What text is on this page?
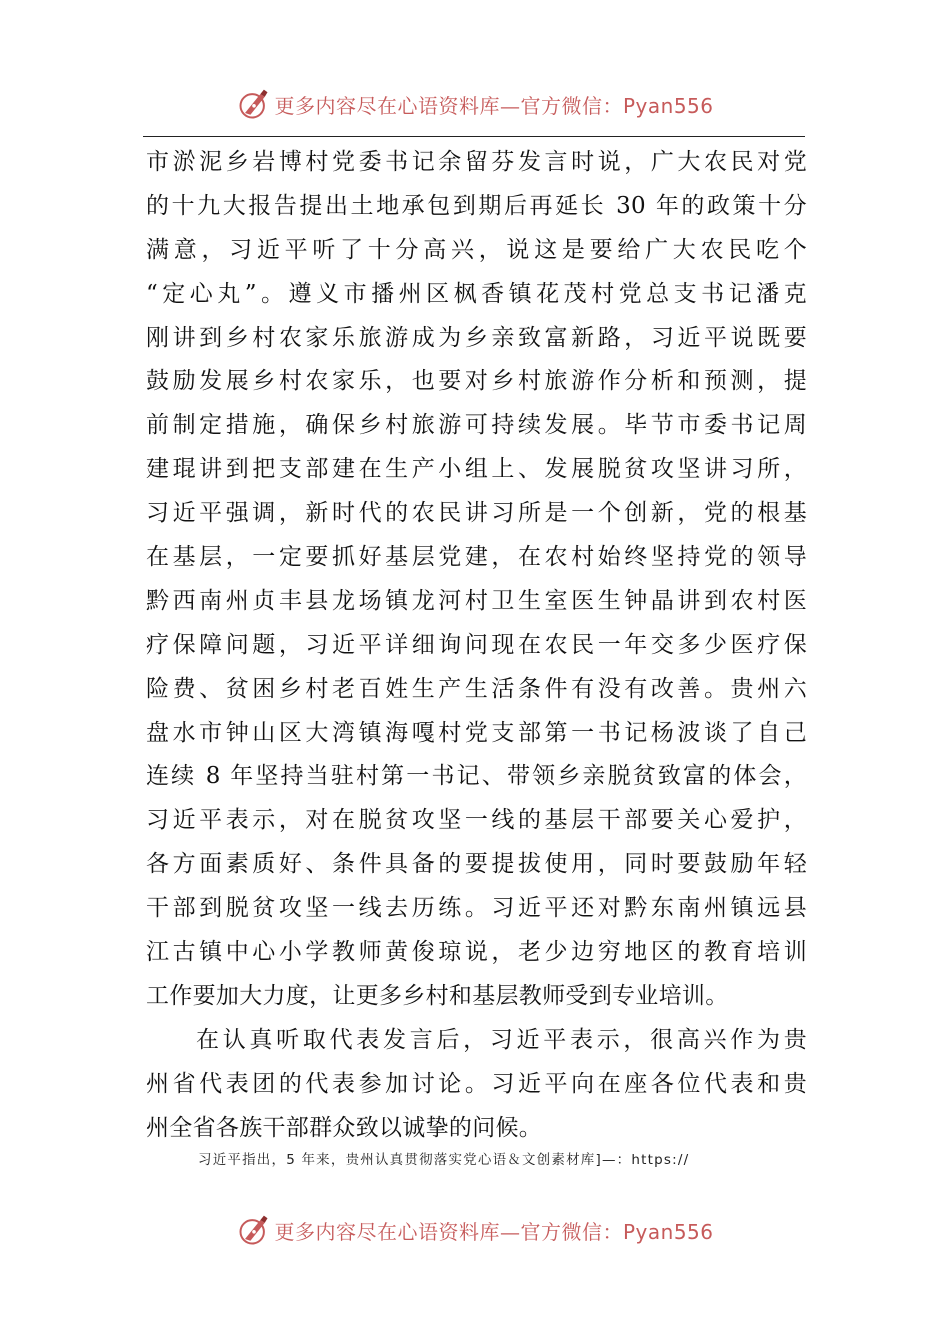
更多内容尽在心语资料库—官方微信：Pyan556
市淤泥乡岩博村党委书记余留芬发言时说，广大农民对党
的十九大报告提出土地承包到期后再延长 30 年的政策十分
满意，习近平听了十分高兴，说这是要给广大农民吃个
“定心丸”。遵义市播州区枫香镇花茂村党总支书记潘克
刚讲到乡村农家乐旅游成为乡亲致富新路，习近平说既要
鼓励发展乡村农家乐，也要对乡村旅游作分析和预测，提
前制定措施，确保乡村旅游可持续发展。毕节市委书记周
建琨讲到把支部建在生产小组上、发展脱贫攻坚讲习所，
习近平强调，新时代的农民讲习所是一个创新，党的根基
在基层，一定要抓好基层党建，在农村始终坚持党的领导
黔西南州贞丰县龙场镇龙河村卫生室医生钟晶讲到农村医
疗保障问题，习近平详细询问现在农民一年交多少医疗保
险费、贫困乡村老百姓生产生活条件有没有改善。贵州六
盘水市钟山区大湾镇海嘎村党支部第一书记杨波谈了自己
连续 8 年坚持当驻村第一书记、带领乡亲脱贫致富的体会，
习近平表示，对在脱贫攻坚一线的基层干部要关心爱护，
各方面素质好、条件具备的要提拔使用，同时要鼓励年轻
干部到脱贫攻坚一线去历练。习近平还对黔东南州镇远县
江古镇中心小学教师黄俊琼说，老少边穷地区的教育培训
工作要加大力度，让更多乡村和基层教师受到专业培训。
在认真听取代表发言后，习近平表示，很高兴作为贵
州省代表团的代表参加讨论。习近平向在座各位代表和贵
州全省各族干部群众致以诚挚的问候。
习近平指出，5 年来，贵州认真贯彻落实党心语＆文创素材库]—：https://
更多内容尽在心语资料库—官方微信：Pyan556
